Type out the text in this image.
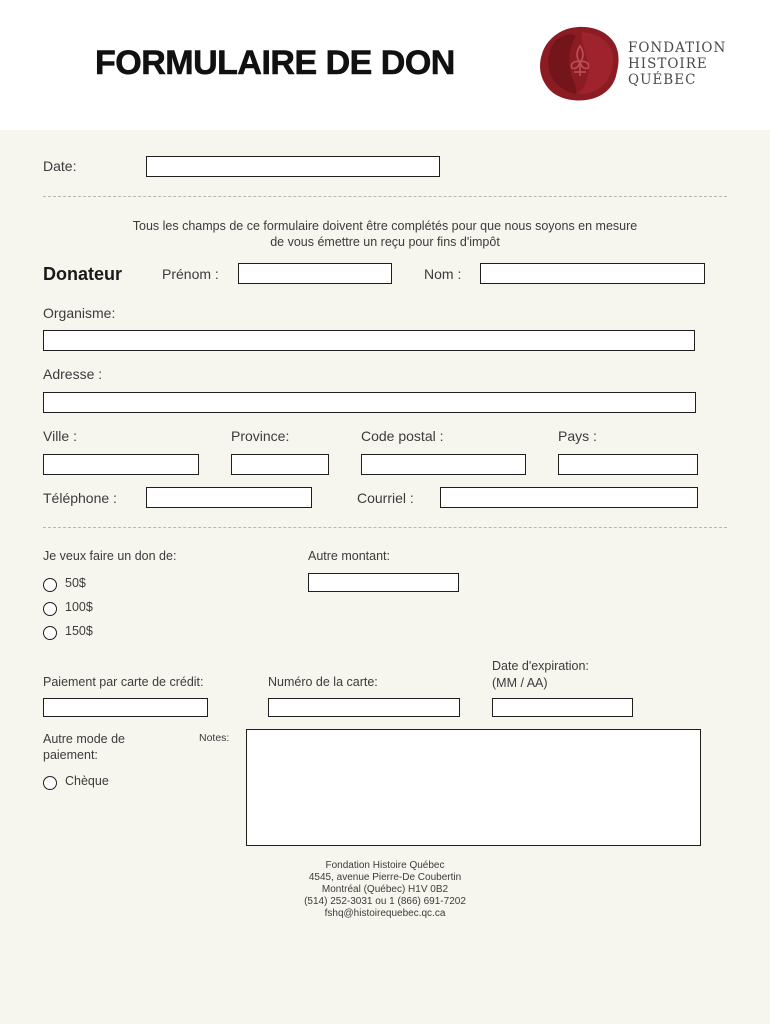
FORMULAIRE DE DON	FONDATION
HISTOIRE
QUÉBEC
Date:
Tous les champs de ce formulaire doivent être complétés pour que nous soyons en mesure
de vous émettre un reçu pour fins d'impôt
Donateur	Prénom :	Nom :
Organisme:
Adresse :
Ville :	Province:	Code postal :	Pays :
Téléphone :	Courriel :
Je veux faire un don de:	Autre montant:
50$
100$
150$
Paiement par carte de crédit:	Numéro de la carte:
Date d'expiration:
(MM / AA)
Autre mode de
paiement:
Notes:
Chèque
Fondation Histoire Québec
4545, avenue Pierre-De Coubertin
Montréal (Québec) H1V 0B2
(514) 252-3031 ou 1 (866) 691-7202
fshq@histoirequebec.qc.ca
